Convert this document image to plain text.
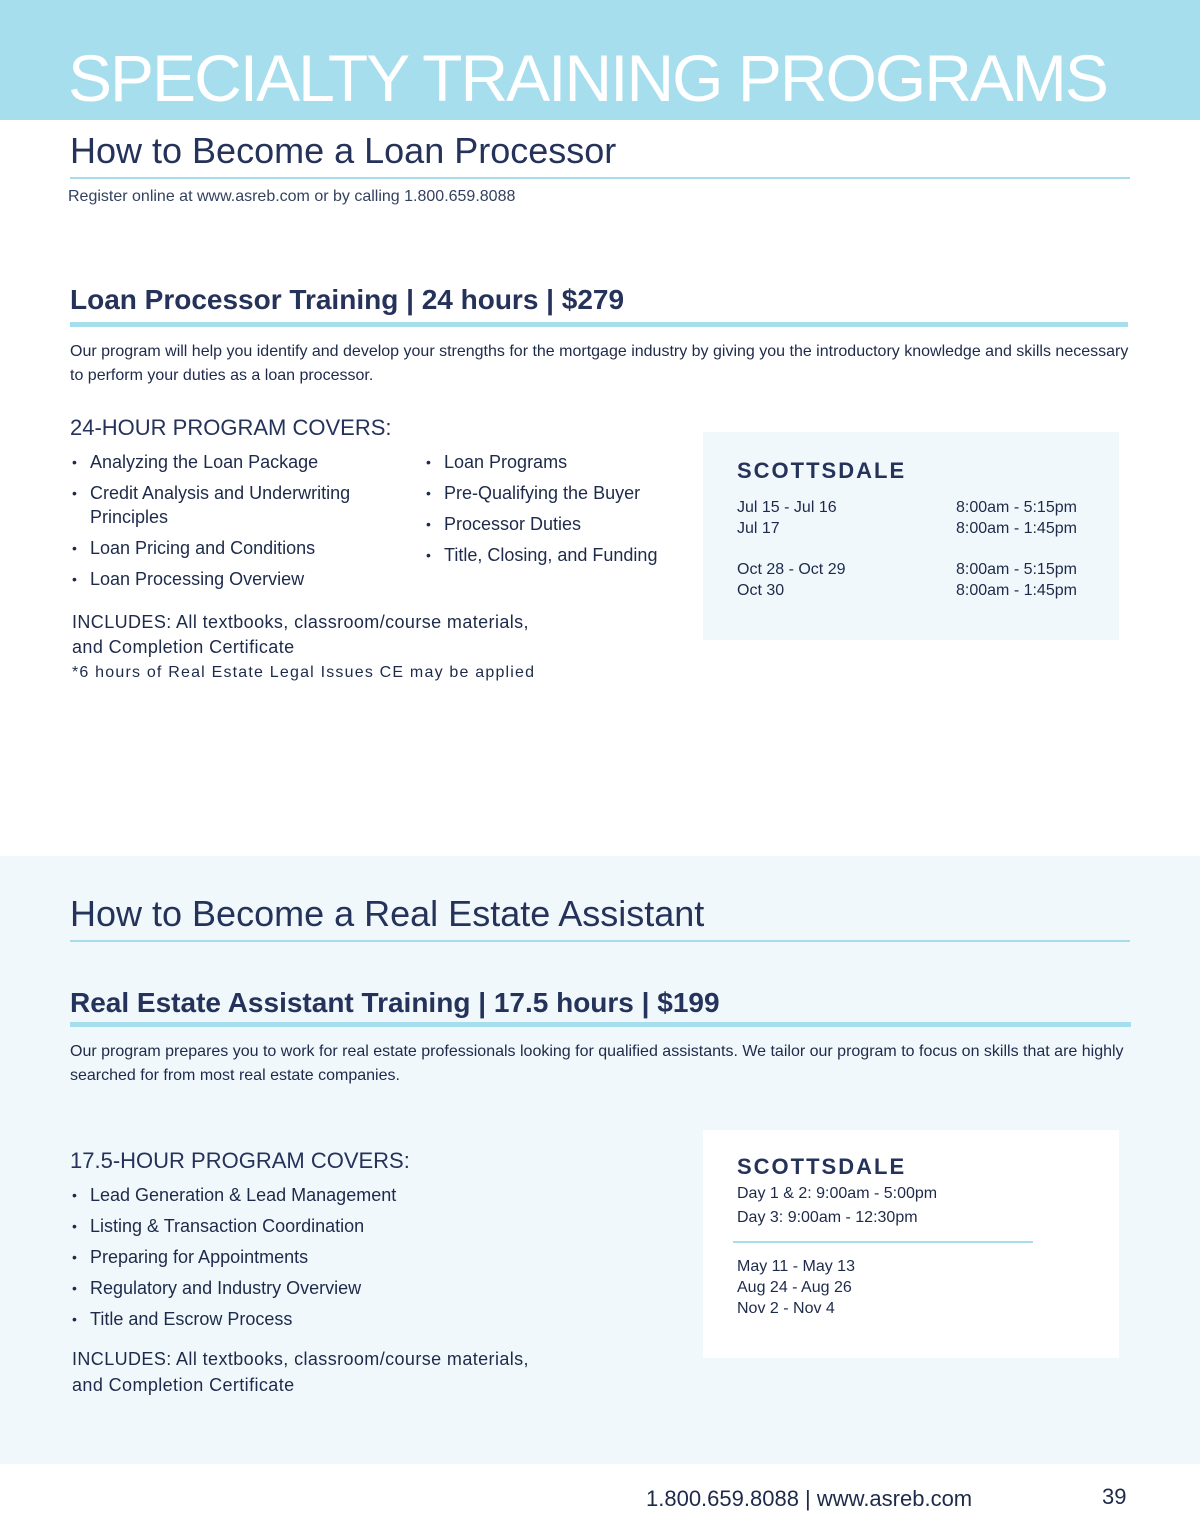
SPECIALTY TRAINING PROGRAMS
How to Become a Loan Processor

Register online at www.asreb.com or by calling 1.800.659.8088

Loan Processor Training | 24 hours | $279

Our program will help you identify and develop your strengths for the mortgage industry by giving you the introductory knowledge and skills necessary to perform your duties as a loan processor.

24-HOUR PROGRAM COVERS:
• Analyzing the Loan Package
• Credit Analysis and Underwriting Principles
• Loan Pricing and Conditions
• Loan Processing Overview
• Loan Programs
• Pre-Qualifying the Buyer
• Processor Duties
• Title, Closing, and Funding
INCLUDES: All textbooks, classroom/course materials,
and Completion Certificate
*6 hours of Real Estate Legal Issues CE may be applied
SCOTTSDALE
Jul 15 - Jul 16	8:00am - 5:15pm
Jul 17	8:00am - 1:45pm
Oct 28 - Oct 29	8:00am - 5:15pm
Oct 30	8:00am - 1:45pm
How to Become a Real Estate Assistant
Real Estate Assistant Training | 17.5 hours | $199

Our program prepares you to work for real estate professionals looking for qualified assistants. We tailor our program to focus on skills that are highly searched for from most real estate companies.

17.5-HOUR PROGRAM COVERS:
• Lead Generation & Lead Management
• Listing & Transaction Coordination
• Preparing for Appointments
• Regulatory and Industry Overview
• Title and Escrow Process
INCLUDES: All textbooks, classroom/course materials,
and Completion Certificate
SCOTTSDALE
Day 1 & 2: 9:00am - 5:00pm
Day 3: 9:00am - 12:30pm
May 11 - May 13
Aug 24 - Aug 26
Nov 2 - Nov 4
1.800.659.8088 | www.asreb.com	39
